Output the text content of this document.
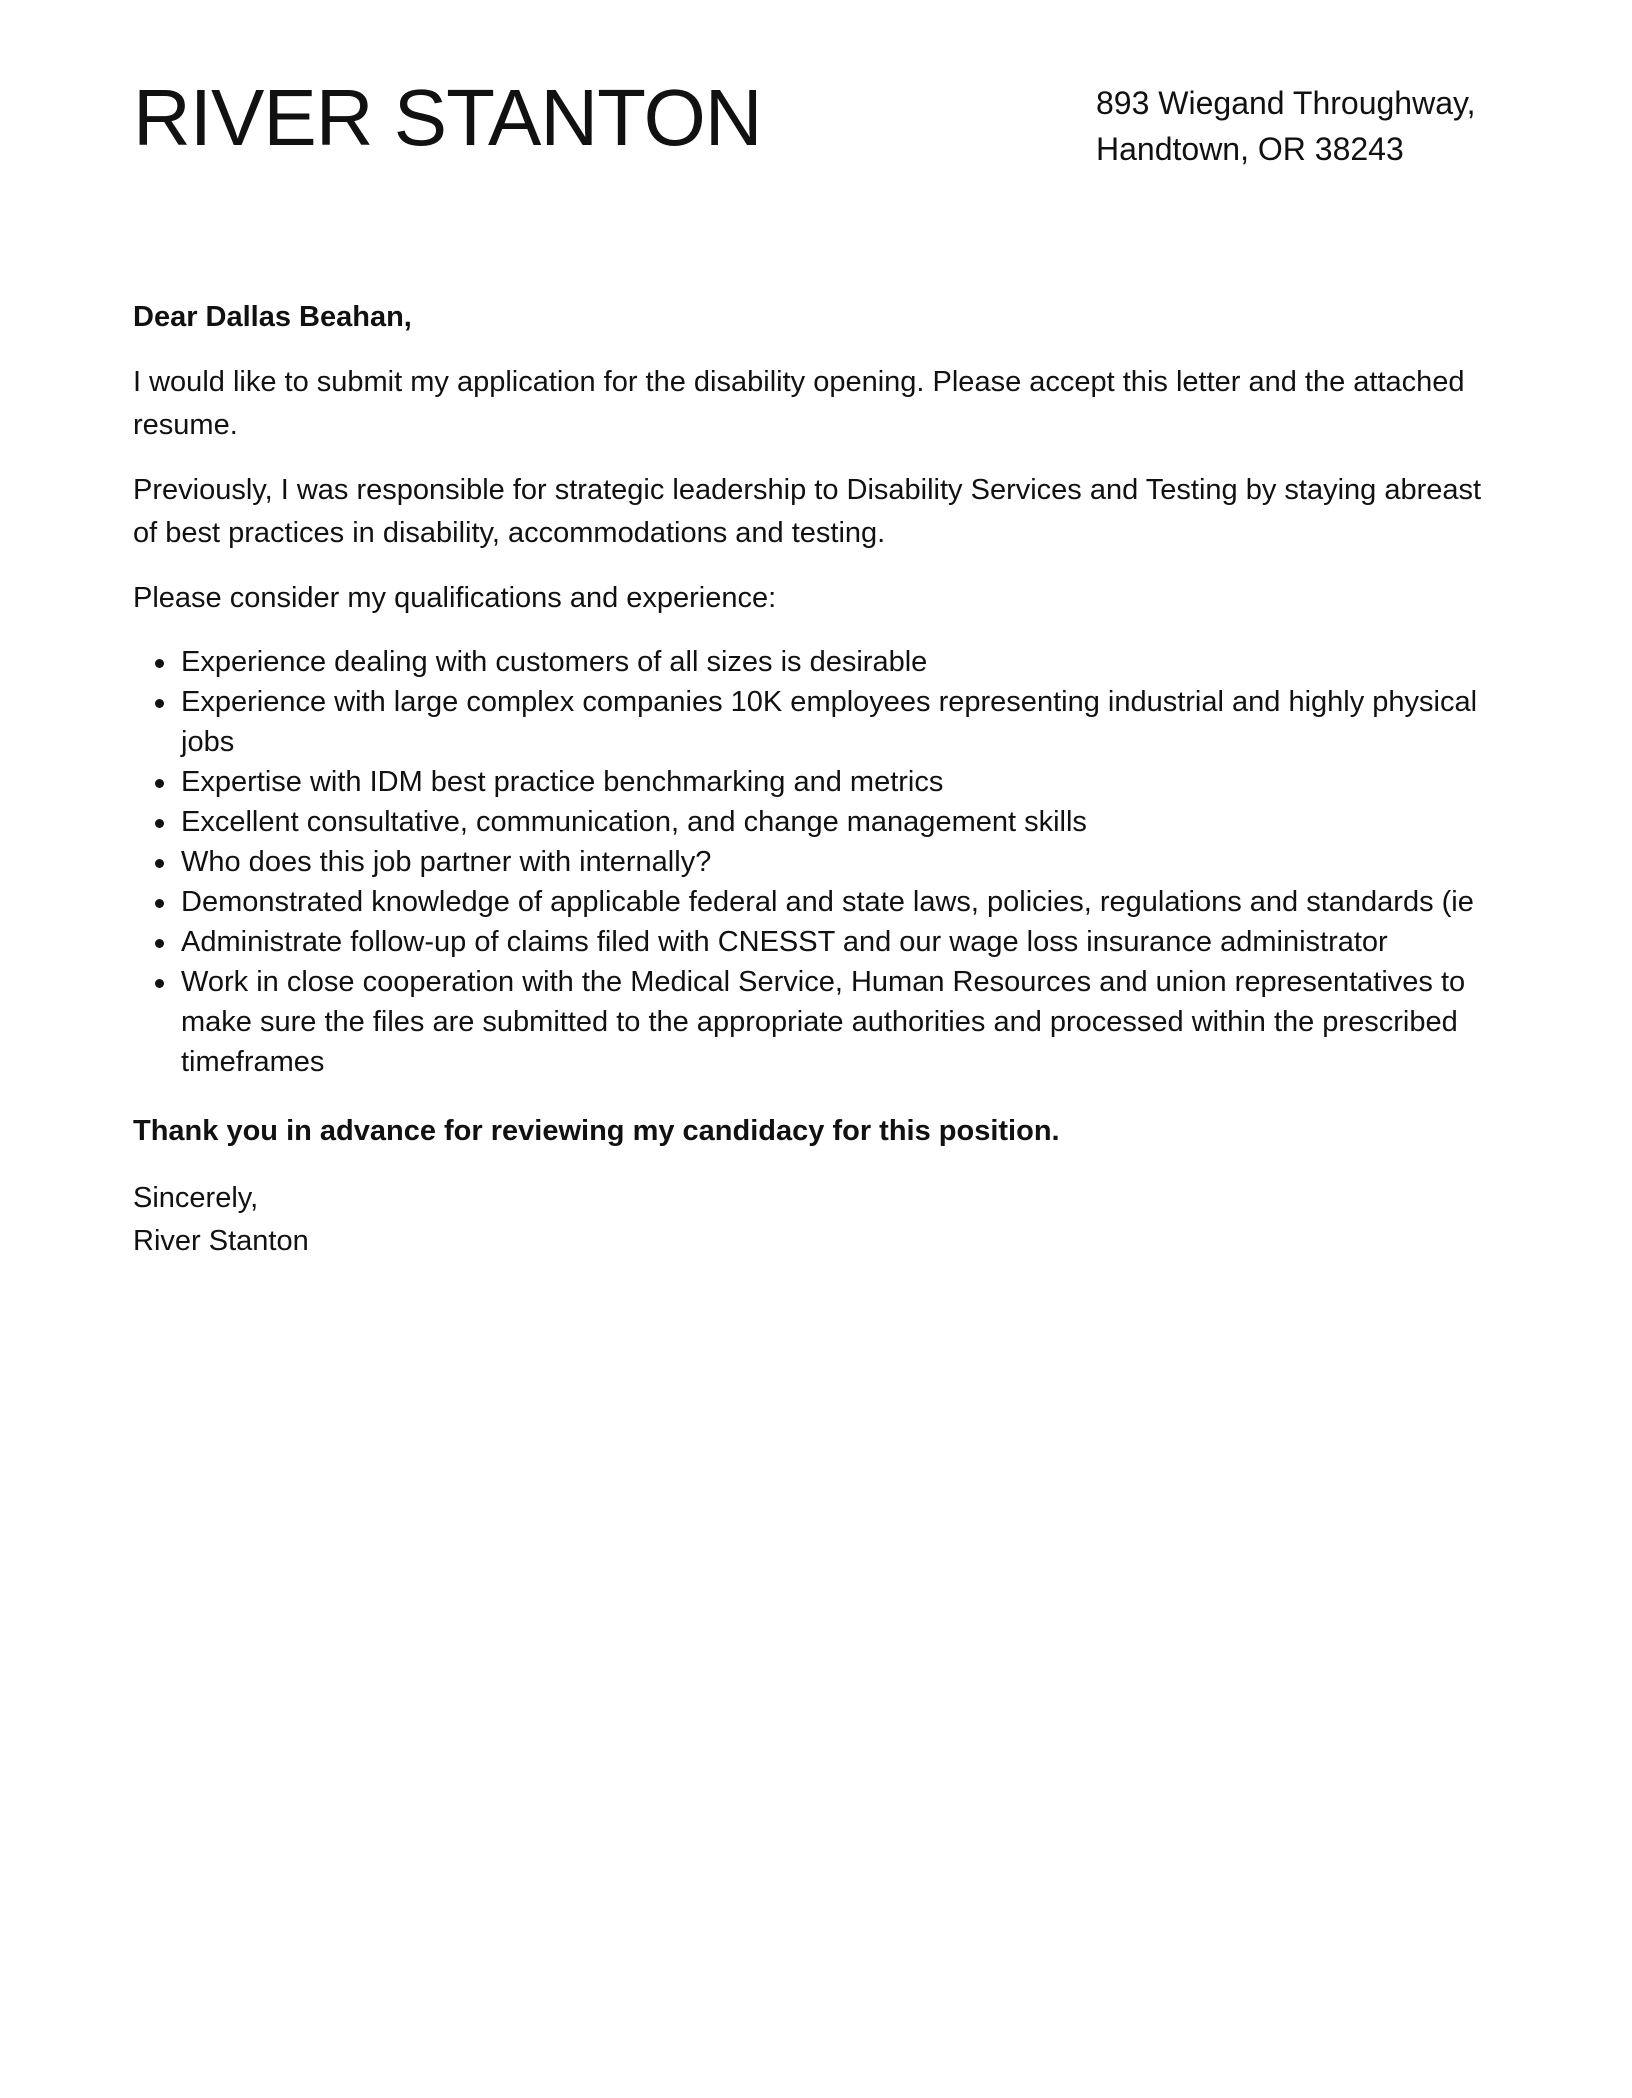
RIVER STANTON	893 Wiegand Throughway,
Handtown, OR 38243

Dear Dallas Beahan,

I would like to submit my application for the disability opening. Please accept this letter and the attached resume.

Previously, I was responsible for strategic leadership to Disability Services and Testing by staying abreast of best practices in disability, accommodations and testing.

Please consider my qualifications and experience:

Experience dealing with customers of all sizes is desirable
Experience with large complex companies 10K employees representing industrial and highly physical jobs
Expertise with IDM best practice benchmarking and metrics
Excellent consultative, communication, and change management skills
Who does this job partner with internally?
Demonstrated knowledge of applicable federal and state laws, policies, regulations and standards (ie
Administrate follow-up of claims filed with CNESST and our wage loss insurance administrator
Work in close cooperation with the Medical Service, Human Resources and union representatives to make sure the files are submitted to the appropriate authorities and processed within the prescribed timeframes

Thank you in advance for reviewing my candidacy for this position.

Sincerely,
River Stanton
